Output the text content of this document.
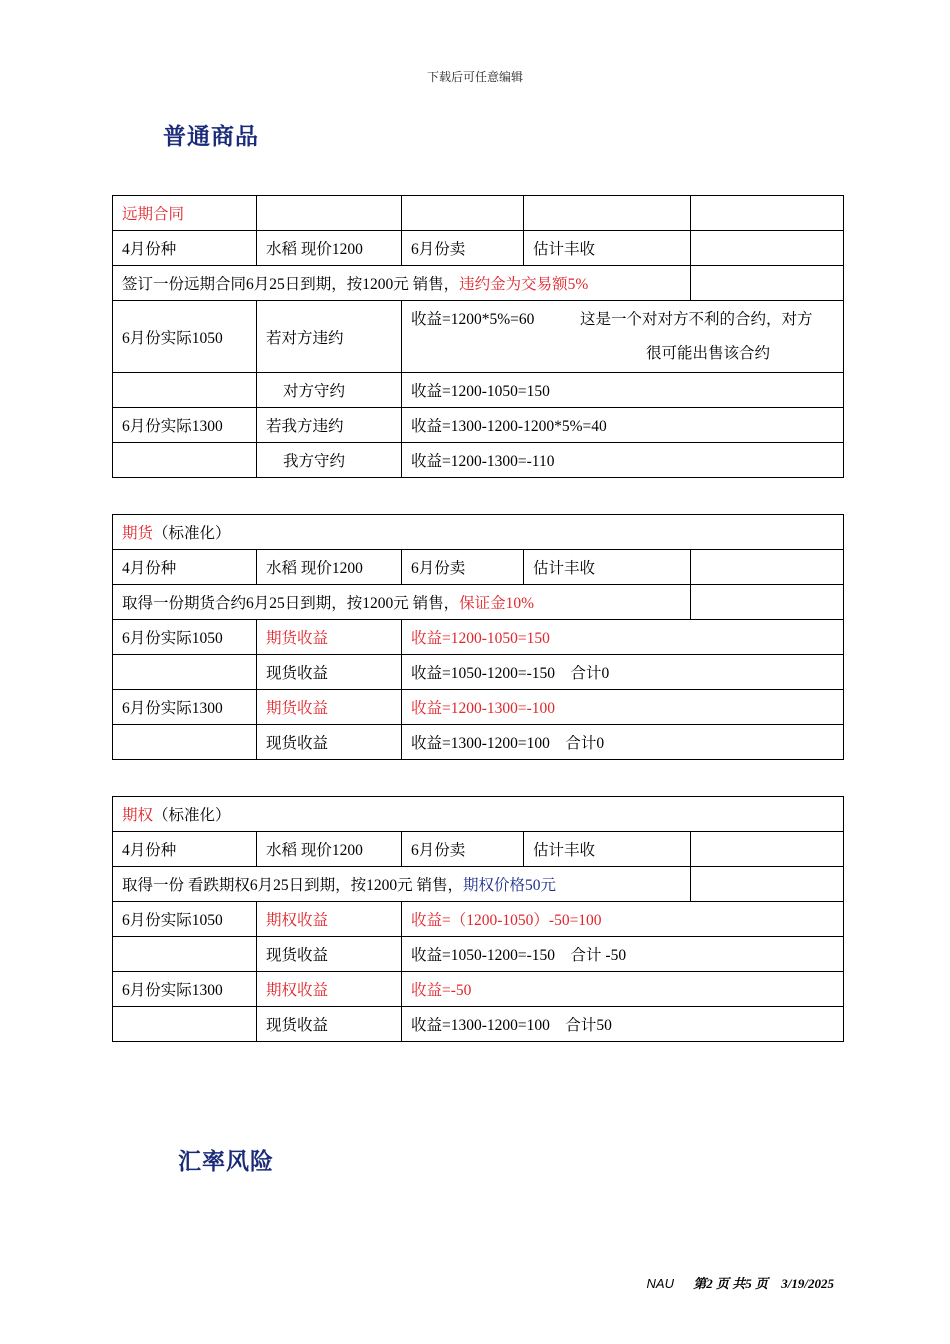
下载后可任意编辑
普通商品
远期合同				
4月份种	水稻 现价1200	6月份卖	估计丰收	
签订一份远期合同6月25日到期，按1200元 销售，违约金为交易额5%				
6月份实际1050	若对方违约	收益=1200*5%=60 这是一个对对方不利的合约，对方
很可能出售该合约		

	对方守约	收益=1200-1050=150		
6月份实际1300	若我方违约	收益=1300-1200-1200*5%=40		
	我方守约	收益=1200-1300=-110		
期货（标准化）				
4月份种	水稻 现价1200	6月份卖	估计丰收	
取得一份期货合约6月25日到期，按1200元 销售，保证金10%				
6月份实际1050	期货收益	收益=1200-1050=150		
	现货收益	收益=1050-1200=-150　合计0		
6月份实际1300	期货收益	收益=1200-1300=-100		
	现货收益	收益=1300-1200=100　合计0		
期权（标准化）				
4月份种	水稻 现价1200	6月份卖	估计丰收	
取得一份 看跌期权6月25日到期，按1200元 销售，期权价格50元				
6月份实际1050	期权收益	收益=（1200-1050）-50=100		
	现货收益	收益=1050-1200=-150　合计 -50		
6月份实际1300	期权收益	收益=-50		
	现货收益	收益=1300-1200=100　合计50		
汇率风险
NAU 第2 页 共5 页 3/19/2025
